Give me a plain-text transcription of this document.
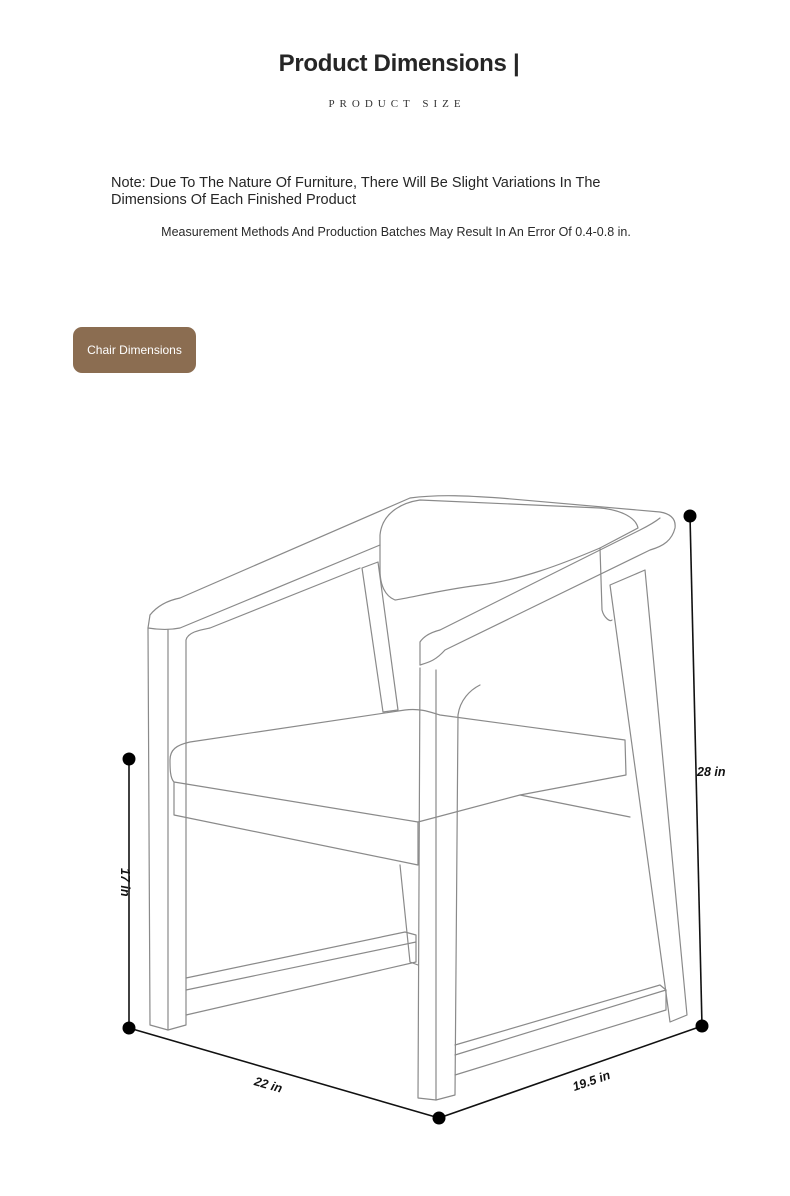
Product Dimensions |
PRODUCT SIZE
Note: Due To The Nature Of Furniture, There Will Be Slight Variations In The Dimensions Of Each Finished Product
Measurement Methods And Production Batches May Result In An Error Of 0.4-0.8 in.
Chair Dimensions
28 in
17 in
22 in	19.5 in
